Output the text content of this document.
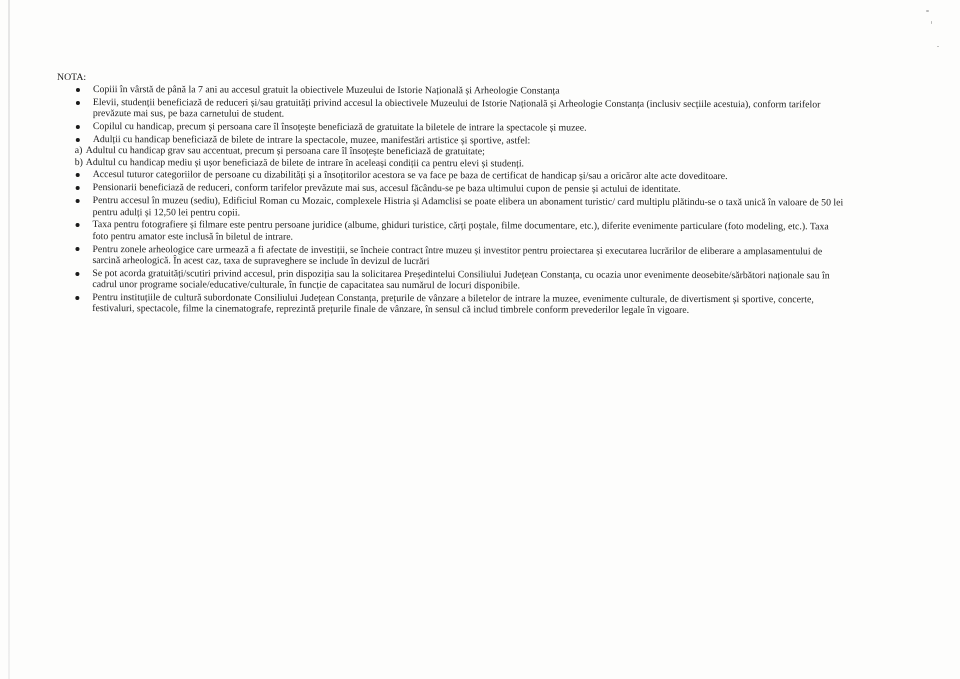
NOTA:
Copiii în vârstă de până la 7 ani au accesul gratuit la obiectivele Muzeului de Istorie Națională și Arheologie Constanța
Elevii, studenții beneficiază de reduceri și/sau gratuități privind accesul la obiectivele Muzeului de Istorie Națională și Arheologie Constanța (inclusiv secțiile acestuia), conform tarifelor prevăzute mai sus, pe baza carnetului de student.
Copilul cu handicap, precum și persoana care îl însoțește beneficiază de gratuitate la biletele de intrare la spectacole și muzee.
Adulții cu handicap beneficiază de bilete de intrare la spectacole, muzee, manifestări artistice și sportive, astfel:
a) Adultul cu handicap grav sau accentuat, precum și persoana care îl însoțește beneficiază de gratuitate;
b) Adultul cu handicap mediu și ușor beneficiază de bilete de intrare în aceleași condiții ca pentru elevi și studenți.
Accesul tuturor categoriilor de persoane cu dizabilități și a însoțitorilor acestora se va face pe baza de certificat de handicap și/sau a oricăror alte acte doveditoare.
Pensionarii beneficiază de reduceri, conform tarifelor prevăzute mai sus, accesul făcându-se pe baza ultimului cupon de pensie și actului de identitate.
Pentru accesul în muzeu (sediu), Edificiul Roman cu Mozaic, complexele Histria și Adamclisi se poate elibera un abonament turistic/ card multiplu plătindu-se o taxă unică în valoare de 50 lei pentru adulți și 12,50 lei pentru copii.
Taxa pentru fotografiere și filmare este pentru persoane juridice (albume, ghiduri turistice, cărți poștale, filme documentare, etc.), diferite evenimente particulare (foto modeling, etc.). Taxa foto pentru amator este inclusă în biletul de intrare.
Pentru zonele arheologice care urmează a fi afectate de investiții, se încheie contract între muzeu și investitor pentru proiectarea și executarea lucrărilor de eliberare a amplasamentului de sarcină arheologică. În acest caz, taxa de supraveghere se include în devizul de lucrări
Se pot acorda gratuități/scutiri privind accesul, prin dispoziția sau la solicitarea Președintelui Consiliului Județean Constanța, cu ocazia unor evenimente deosebite/sărbători naționale sau în cadrul unor programe sociale/educative/culturale, în funcție de capacitatea sau numărul de locuri disponibile.
Pentru instituțiile de cultură subordonate Consiliului Județean Constanța, prețurile de vânzare a biletelor de intrare la muzee, evenimente culturale, de divertisment și sportive, concerte, festivaluri, spectacole, filme la cinematografe, reprezintă prețurile finale de vânzare, în sensul că includ timbrele conform prevederilor legale în vigoare.
